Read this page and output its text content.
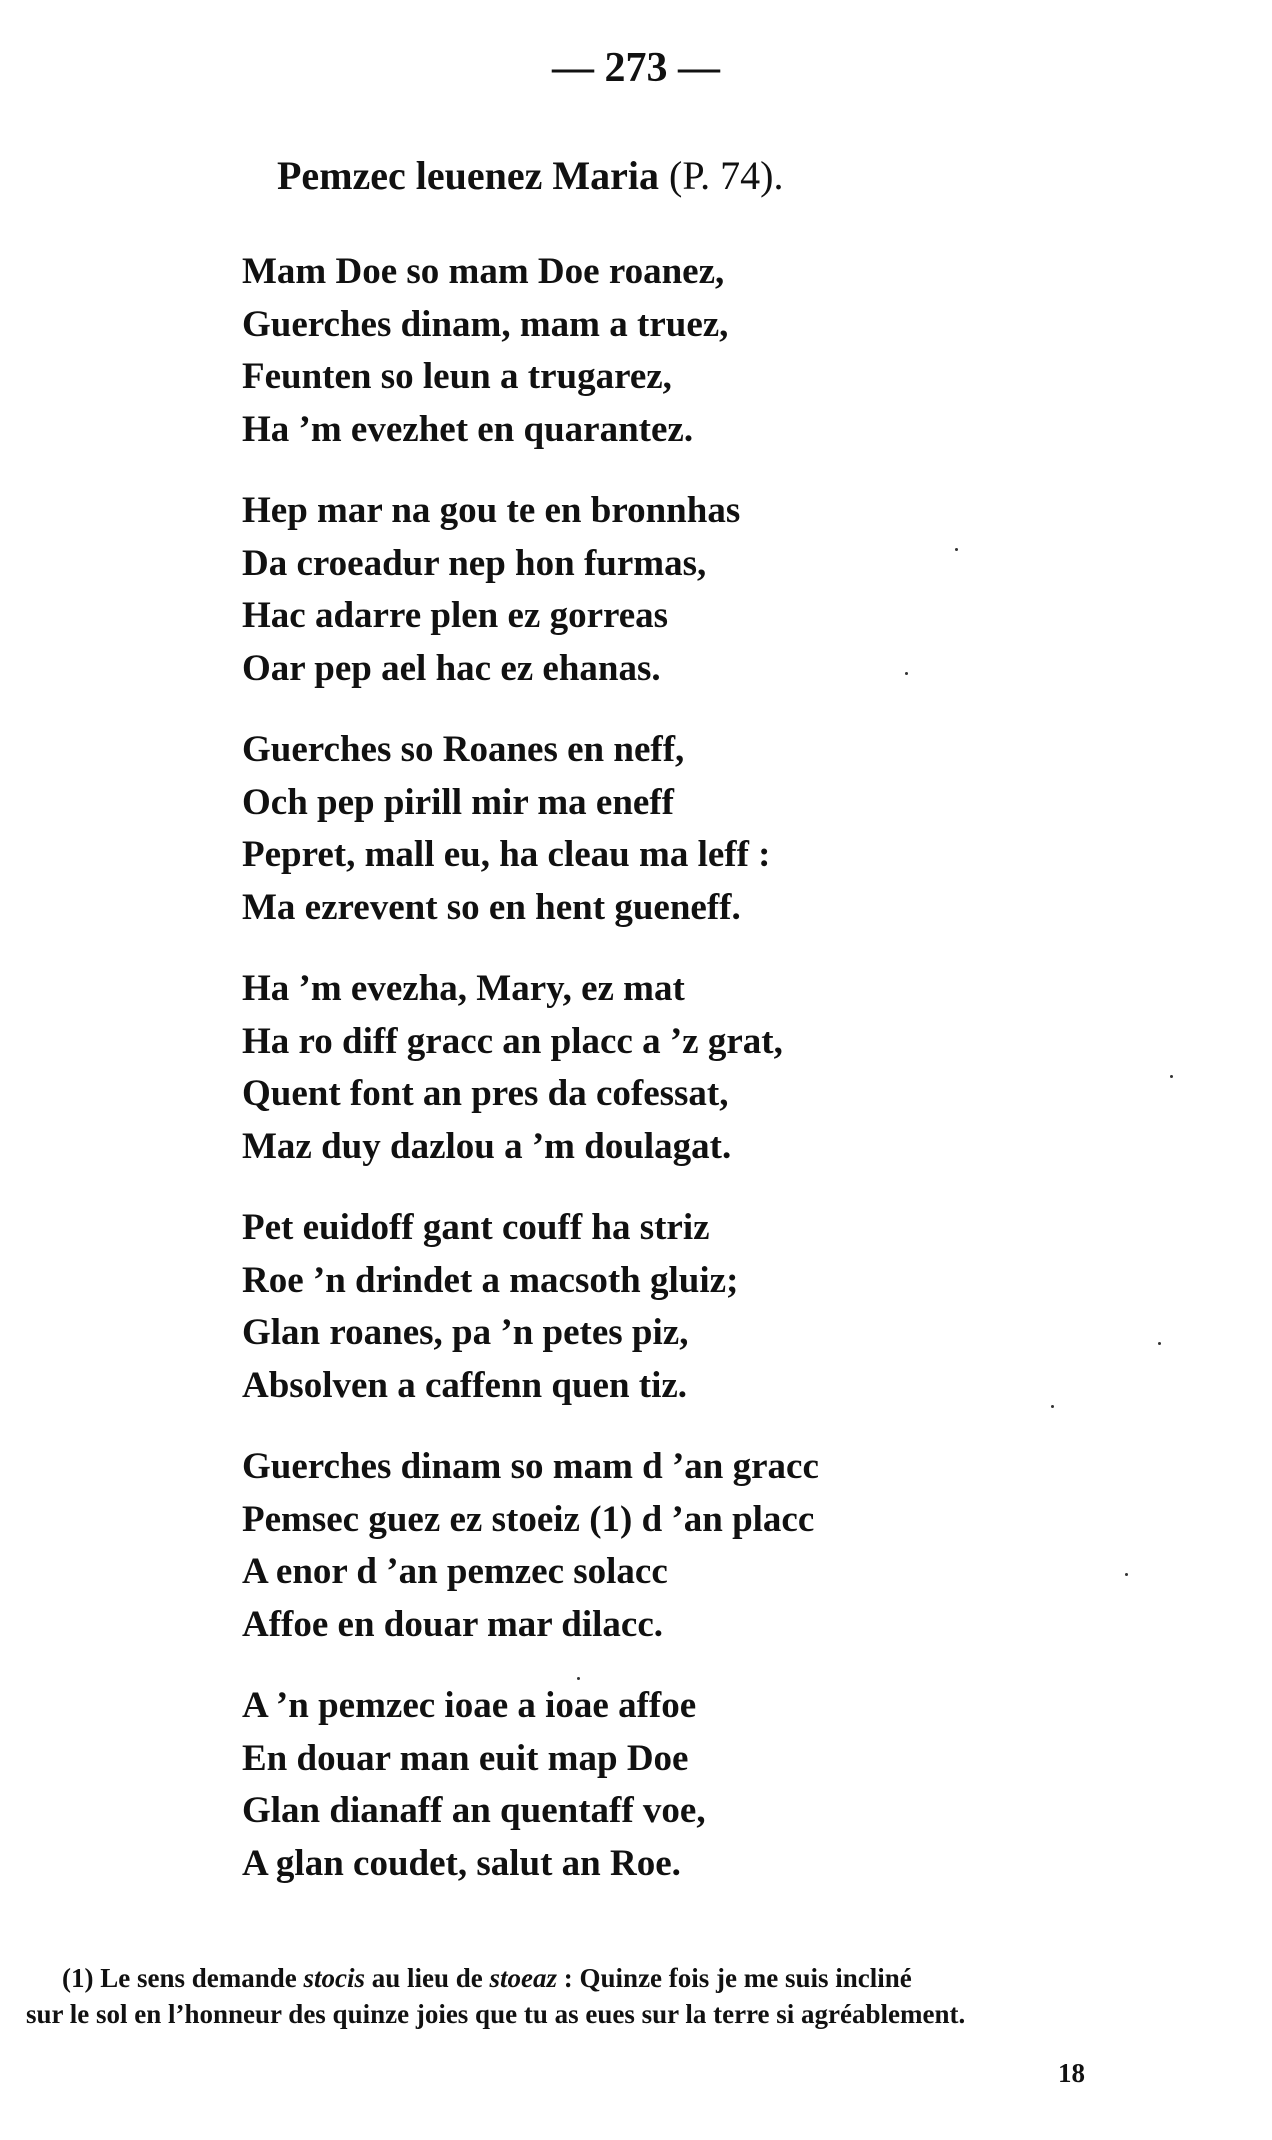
— 273 —
Pemzec leuenez Maria (P. 74).
Mam Doe so mam Doe roanez,
Guerches dinam, mam a truez,
Feunten so leun a trugarez,
Ha ’m evezhet en quarantez.
Hep mar na gou te en bronnhas
Da croeadur nep hon furmas,
Hac adarre plen ez gorreas
Oar pep ael hac ez ehanas.
Guerches so Roanes en neff,
Och pep pirill mir ma eneff
Pepret, mall eu, ha cleau ma leff :
Ma ezrevent so en hent gueneff.
Ha ’m evezha, Mary, ez mat
Ha ro diff gracc an placc a ’z grat,
Quent font an pres da cofessat,
Maz duy dazlou a ’m doulagat.
Pet euidoff gant couff ha striz
Roe ’n drindet a macsoth gluiz;
Glan roanes, pa ’n petes piz,
Absolven a caffenn quen tiz.
Guerches dinam so mam d ’an gracc
Pemsec guez ez stoeiz (1) d ’an placc
A enor d ’an pemzec solacc
Affoe en douar mar dilacc.
A ’n pemzec ioae a ioae affoe
En douar man euit map Doe
Glan dianaff an quentaff voe,
A glan coudet, salut an Roe.
(1) Le sens demande stocis au lieu de stoeaz : Quinze fois je me suis incliné
sur le sol en l’honneur des quinze joies que tu as eues sur la terre si agréablement.
18
